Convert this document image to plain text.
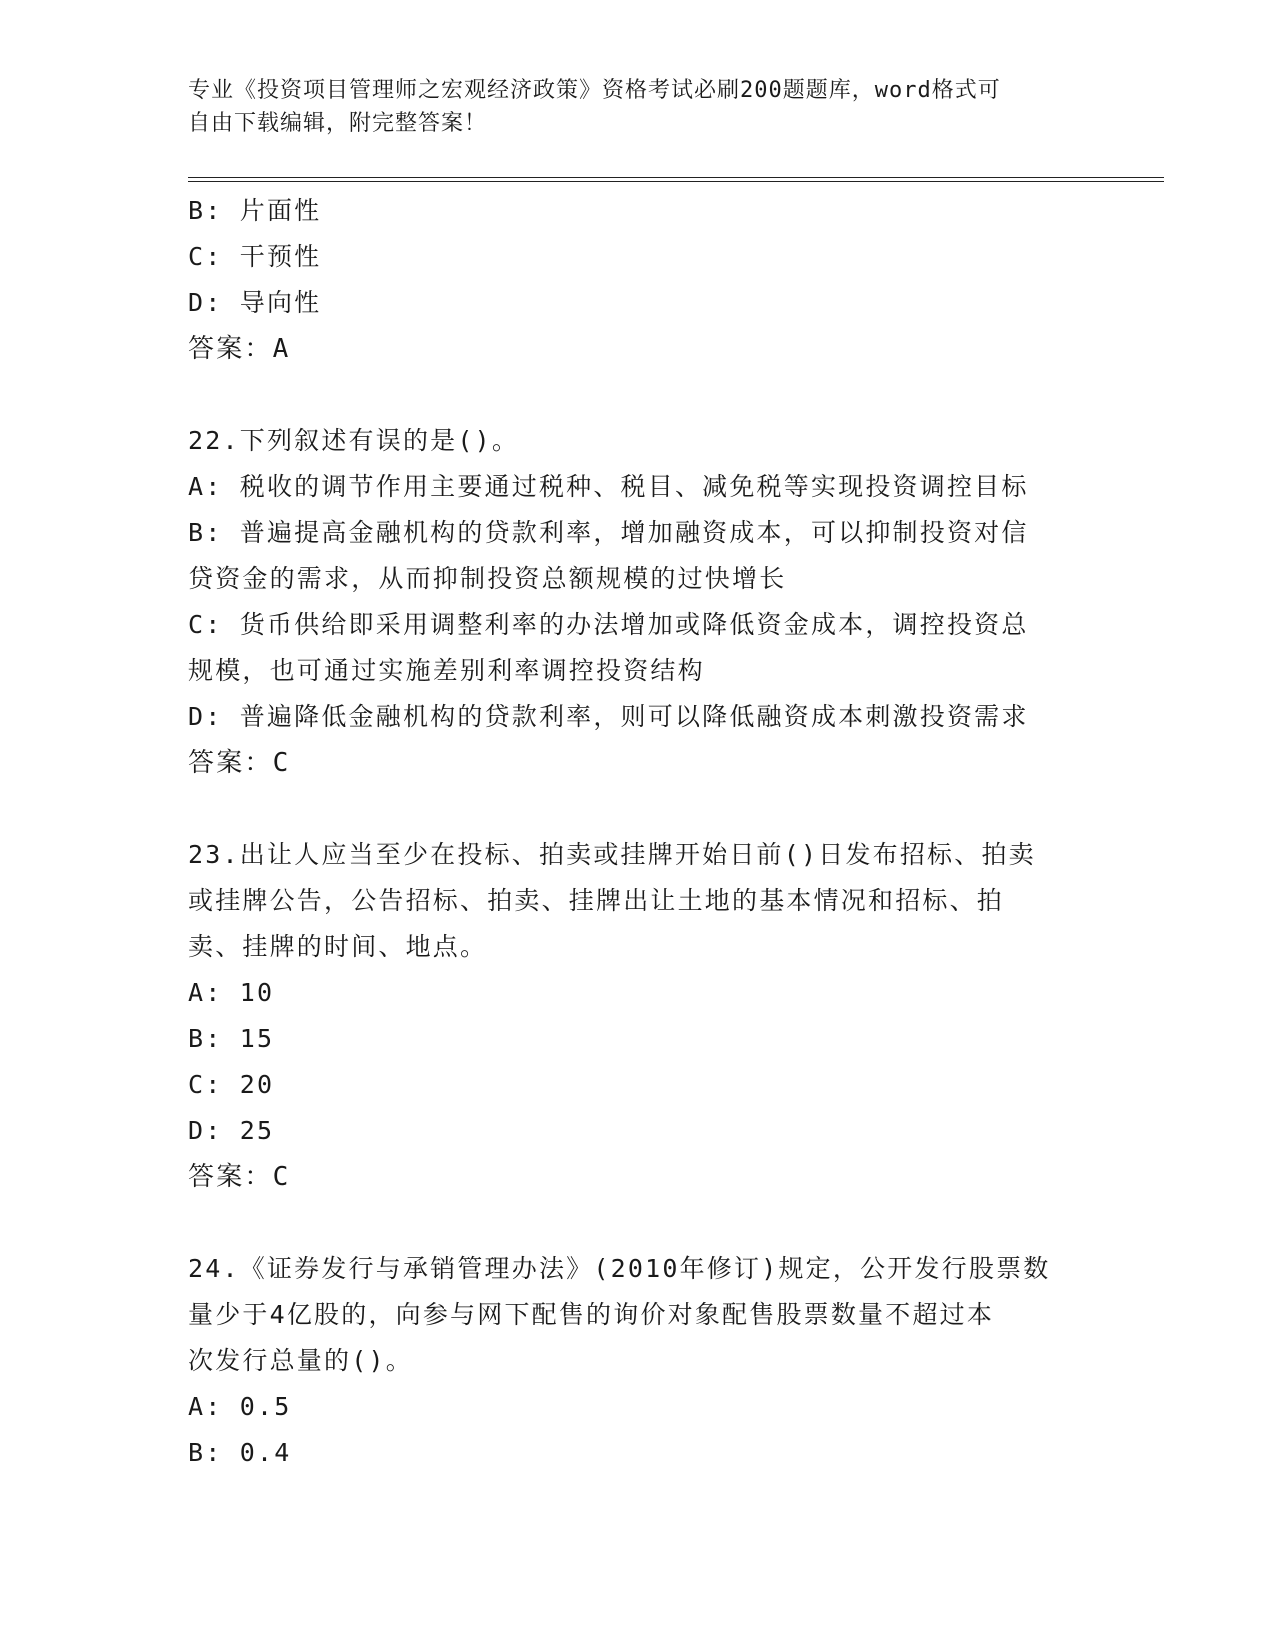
专业《投资项目管理师之宏观经济政策》资格考试必刷200题题库，word格式可
自由下载编辑，附完整答案！
B: 片面性
C: 干预性
D: 导向性
答案：A
22.下列叙述有误的是()。
A: 税收的调节作用主要通过税种、税目、减免税等实现投资调控目标
B: 普遍提高金融机构的贷款利率，增加融资成本，可以抑制投资对信
贷资金的需求，从而抑制投资总额规模的过快增长
C: 货币供给即采用调整利率的办法增加或降低资金成本，调控投资总
规模，也可通过实施差别利率调控投资结构
D: 普遍降低金融机构的贷款利率，则可以降低融资成本刺激投资需求
答案：C
23.出让人应当至少在投标、拍卖或挂牌开始日前()日发布招标、拍卖
或挂牌公告，公告招标、拍卖、挂牌出让土地的基本情况和招标、拍
卖、挂牌的时间、地点。
A: 10
B: 15
C: 20
D: 25
答案：C
24.《证券发行与承销管理办法》(2010年修订)规定，公开发行股票数
量少于4亿股的，向参与网下配售的询价对象配售股票数量不超过本
次发行总量的()。
A: 0.5
B: 0.4
